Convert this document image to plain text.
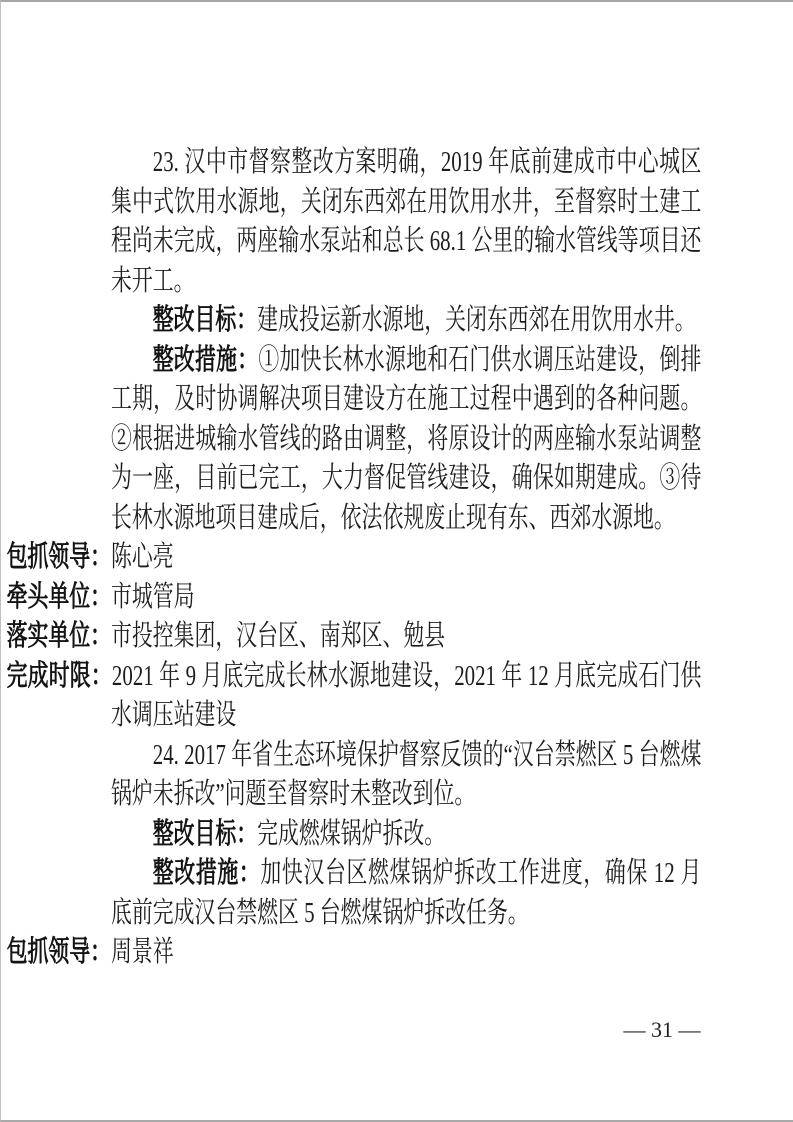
23. 汉中市督察整改方案明确，2019 年底前建成市中心城区集中式饮用水源地，关闭东西郊在用饮用水井，至督察时土建工程尚未完成，两座输水泵站和总长 68.1 公里的输水管线等项目还未开工。

整改目标：建成投运新水源地，关闭东西郊在用饮用水井。

整改措施：①加快长林水源地和石门供水调压站建设，倒排工期，及时协调解决项目建设方在施工过程中遇到的各种问题。②根据进城输水管线的路由调整，将原设计的两座输水泵站调整为一座，目前已完工，大力督促管线建设，确保如期建成。③待长林水源地项目建成后，依法依规废止现有东、西郊水源地。

包抓领导：陈心亮

牵头单位：市城管局

落实单位：市投控集团，汉台区、南郑区、勉县

完成时限：2021 年 9 月底完成长林水源地建设，2021 年 12 月底完成石门供水调压站建设

24. 2017 年省生态环境保护督察反馈的“汉台禁燃区 5 台燃煤锅炉未拆改”问题至督察时未整改到位。

整改目标：完成燃煤锅炉拆改。

整改措施：加快汉台区燃煤锅炉拆改工作进度，确保 12 月底前完成汉台禁燃区 5 台燃煤锅炉拆改任务。

包抓领导：周景祥

— 31 —
